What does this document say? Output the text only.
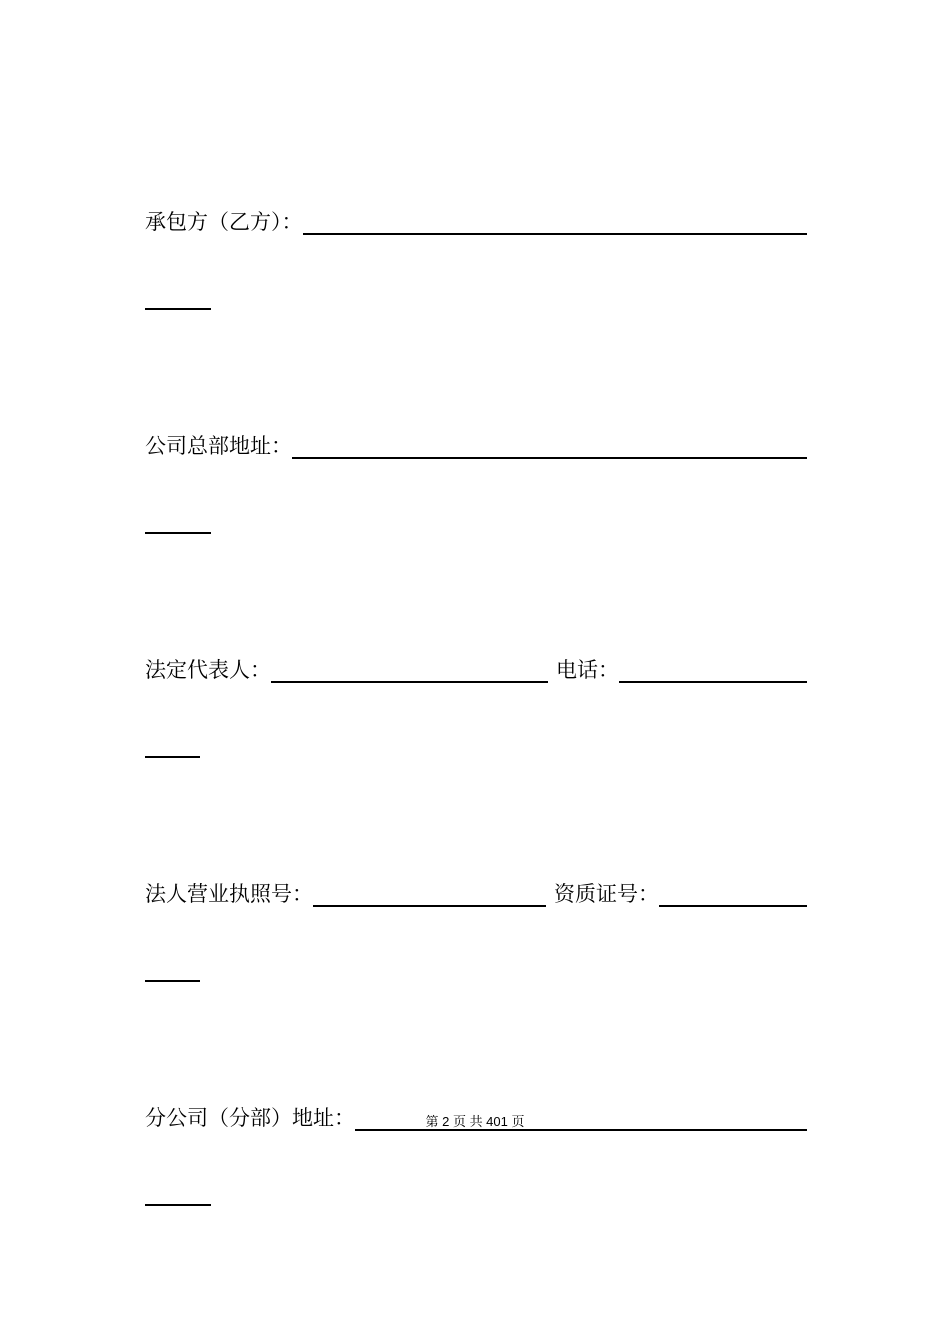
承包方（乙方）：
公司总部地址：
法定代表人：	电话：
法人营业执照号：	资质证号：
分公司（分部）地址：	第 2 页 共 401 页
